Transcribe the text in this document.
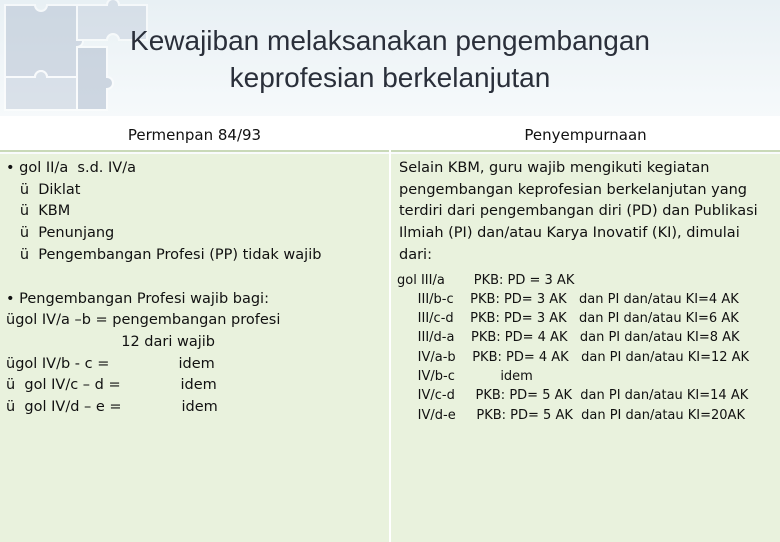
Kewajiban melaksanakan pengembangan
keprofesian berkelanjutan
Permenpan 84/93	Penyempurnaan
• gol II/a  s.d. IV/a
ü  Diklat
ü  KBM
ü  Penunjang
ü  Pengembangan Profesi (PP) tidak wajib
• Pengembangan Profesi wajib bagi:
ügol IV/a –b = pengembangan profesi
12 dari wajib
ügol IV/b - c =               idem
ü  gol IV/c – d =             idem
ü  gol IV/d – e =             idem
Selain KBM, guru wajib mengikuti kegiatan pengembangan keprofesian berkelanjutan yang terdiri dari pengembangan diri (PD) dan Publikasi Ilmiah (PI) dan/atau Karya Inovatif (KI), dimulai dari:
gol III/a       PKB: PD = 3 AK
III/b-c    PKB: PD= 3 AK   dan PI dan/atau KI=4 AK
III/c-d    PKB: PD= 3 AK   dan PI dan/atau KI=6 AK
III/d-a    PKB: PD= 4 AK   dan PI dan/atau KI=8 AK
IV/a-b    PKB: PD= 4 AK   dan PI dan/atau KI=12 AK
IV/b-c           idem
IV/c-d     PKB: PD= 5 AK  dan PI dan/atau KI=14 AK
IV/d-e     PKB: PD= 5 AK  dan PI dan/atau KI=20AK
